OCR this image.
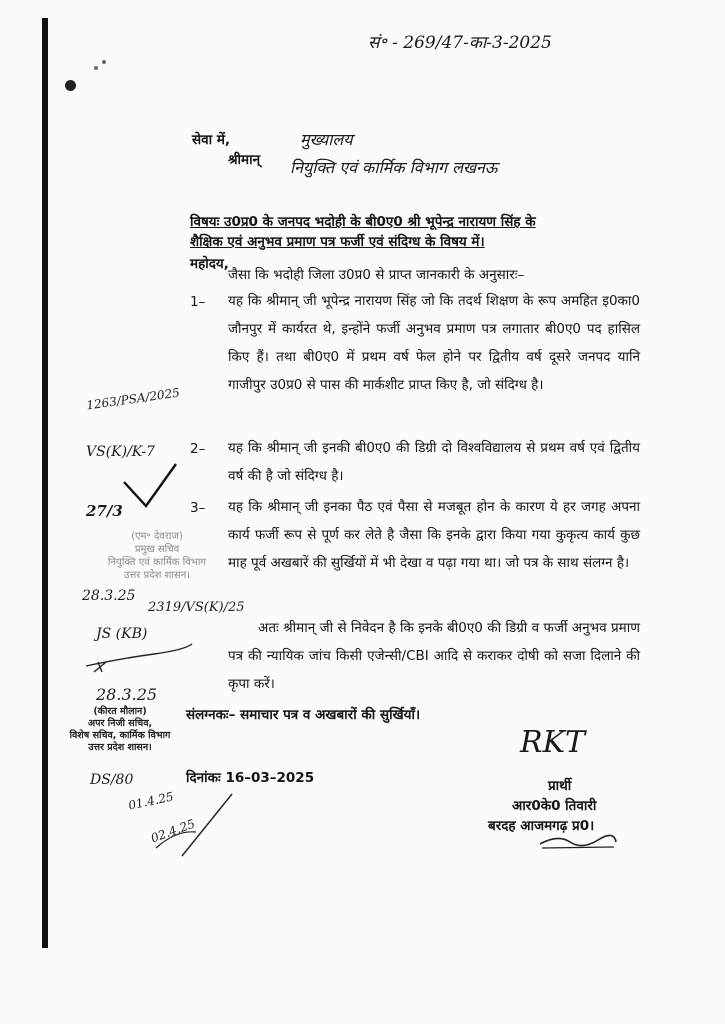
सं॰ - 269/47-का-3-2025
सेवा में,
श्रीमान्
मुख्यालय
नियुक्ति एवं कार्मिक विभाग लखनऊ
विषयः उ0प्र0 के जनपद भदोही के बी0ए0 श्री भूपेन्द्र नारायण सिंह के
शैक्षिक एवं अनुभव प्रमाण पत्र फर्जी एवं संदिग्ध के विषय में।
महोदय,
जैसा कि भदोही जिला उ0प्र0 से प्राप्त जानकारी के अनुसारः–
1– यह कि श्रीमान् जी भूपेन्द्र नारायण सिंह जो कि तदर्थ शिक्षण के रूप अमहित इ0का0 जौनपुर में कार्यरत थे, इन्होंने फर्जी अनुभव प्रमाण पत्र लगातार बी0ए0 पद हासिल किए हैं। तथा बी0ए0 में प्रथम वर्ष फेल होने पर द्वितीय वर्ष दूसरे जनपद यानि गाजीपुर उ0प्र0 से पास की मार्कशीट प्राप्त किए है, जो संदिग्ध है।
2– यह कि श्रीमान् जी इनकी बी0ए0 की डिग्री दो विश्वविद्यालय से प्रथम वर्ष एवं द्वितीय वर्ष की है जो संदिग्ध है।
3– यह कि श्रीमान् जी इनका पैठ एवं पैसा से मजबूत होन के कारण ये हर जगह अपना कार्य फर्जी रूप से पूर्ण कर लेते है जैसा कि इनके द्वारा किया गया कुकृत्य कार्य कुछ माह पूर्व अखबारें की सुर्खियों में भी देखा व पढ़ा गया था। जो पत्र के साथ संलग्न है।
अतः श्रीमान् जी से निवेदन है कि इनके बी0ए0 की डिग्री व फर्जी अनुभव प्रमाण पत्र की न्यायिक जांच किसी एजेन्सी/CBI आदि से कराकर दोषी को सजा दिलाने की कृपा करें।
संलग्नकः– समाचार पत्र व अखबारों की सुर्खियाँ।
दिनांकः 16–03–2025
RKT
प्रार्थी
आर0के0 तिवारी
बरदह आजमगढ़ प्र0।
1263/PSA/2025
VS(K)/K-7
27/3
(एम॰ देवराज)
प्रमुख सचिव
नियुक्ति एवं कार्मिक विभाग
उत्तर प्रदेश शासन।
28.3.25
2319/VS(K)/25
JS (KB)
28.3.25
(कीरत मौलान)
अपर निजी सचिव,
विशेष सचिव, कार्मिक विभाग
उत्तर प्रदेश शासन।
DS/80
01.4.25
02.4.25
